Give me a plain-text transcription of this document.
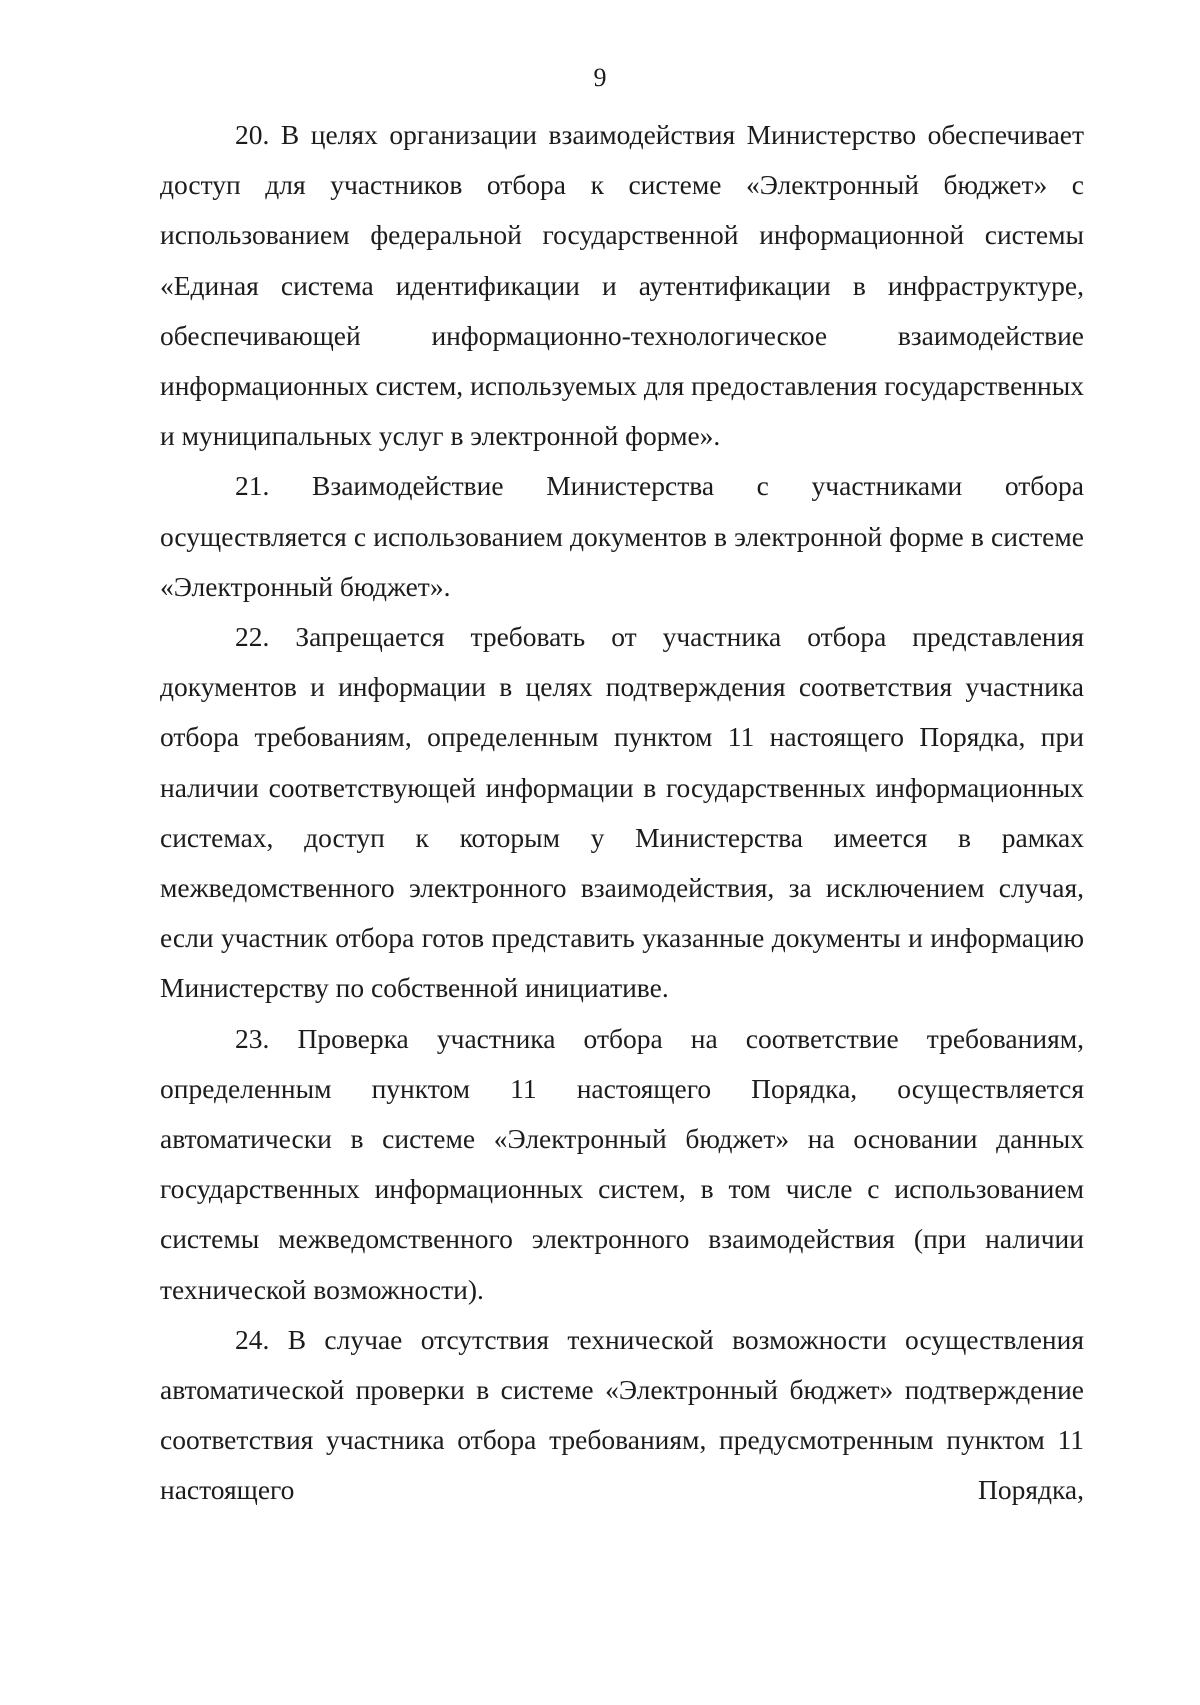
9

20. В целях организации взаимодействия Министерство обеспечивает доступ для участников отбора к системе «Электронный бюджет» с использованием федеральной государственной информационной системы «Единая система идентификации и аутентификации в инфраструктуре, обеспечивающей информационно-технологическое взаимодействие информационных систем, используемых для предоставления государственных и муниципальных услуг в электронной форме».

21. Взаимодействие Министерства с участниками отбора осуществляется с использованием документов в электронной форме в системе «Электронный бюджет».

22. Запрещается требовать от участника отбора представления документов и информации в целях подтверждения соответствия участника отбора требованиям, определенным пунктом 11 настоящего Порядка, при наличии соответствующей информации в государственных информационных системах, доступ к которым у Министерства имеется в рамках межведомственного электронного взаимодействия, за исключением случая, если участник отбора готов представить указанные документы и информацию Министерству по собственной инициативе.

23. Проверка участника отбора на соответствие требованиям, определенным пунктом 11 настоящего Порядка, осуществляется автоматически в системе «Электронный бюджет» на основании данных государственных информационных систем, в том числе с использованием системы межведомственного электронного взаимодействия (при наличии технической возможности).

24. В случае отсутствия технической возможности осуществления автоматической проверки в системе «Электронный бюджет» подтверждение соответствия участника отбора требованиям, предусмотренным пунктом 11 настоящего Порядка,
